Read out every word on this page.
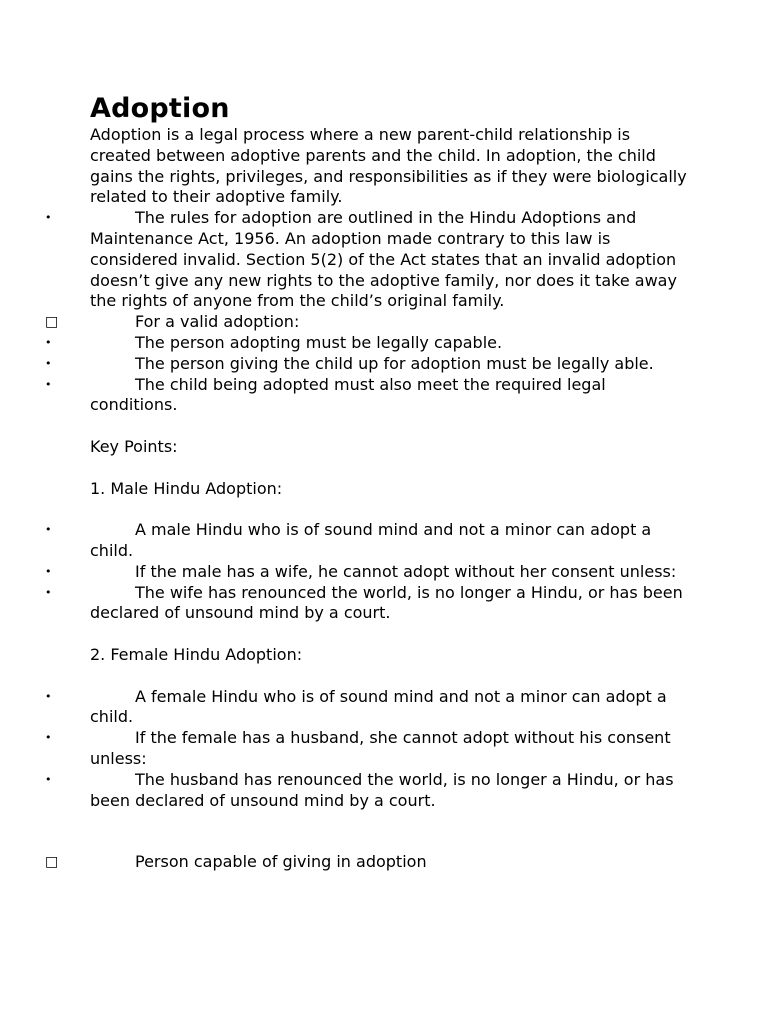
Adoption

Adoption is a legal process where a new parent-child relationship is created between adoptive parents and the child. In adoption, the child gains the rights, privileges, and responsibilities as if they were biologically related to their adoptive family.

•	The rules for adoption are outlined in the Hindu Adoptions and Maintenance Act, 1956. An adoption made contrary to this law is considered invalid. Section 5(2) of the Act states that an invalid adoption doesn’t give any new rights to the adoptive family, nor does it take away the rights of anyone from the child’s original family.

□	For a valid adoption:

•	The person adopting must be legally capable.

•	The person giving the child up for adoption must be legally able.

•	The child being adopted must also meet the required legal conditions.

Key Points:

1. Male Hindu Adoption:

•	A male Hindu who is of sound mind and not a minor can adopt a child.

•	If the male has a wife, he cannot adopt without her consent unless:

•	The wife has renounced the world, is no longer a Hindu, or has been declared of unsound mind by a court.

2. Female Hindu Adoption:

•	A female Hindu who is of sound mind and not a minor can adopt a child.

•	If the female has a husband, she cannot adopt without his consent unless:

•	The husband has renounced the world, is no longer a Hindu, or has been declared of unsound mind by a court.

□	Person capable of giving in adoption
